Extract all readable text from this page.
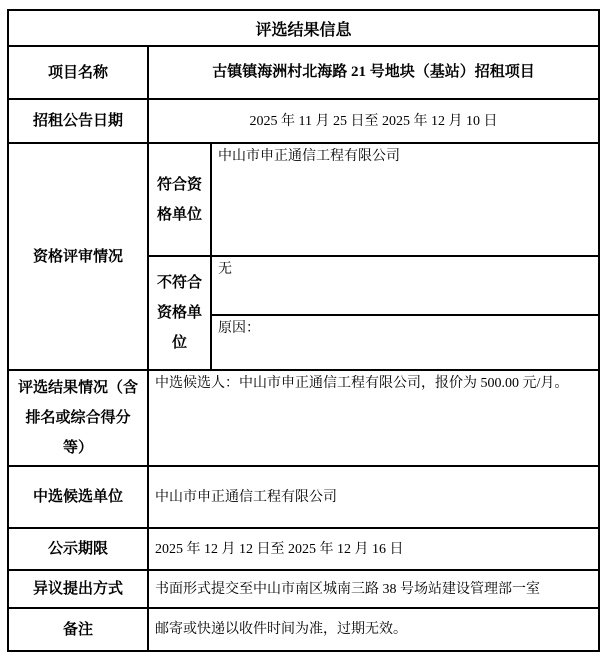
评选结果信息		
项目名称	古镇镇海洲村北海路 21 号地块（基站）招租项目	
招租公告日期	2025 年 11 月 25 日至 2025 年 12 月 10 日	
资格评审情况	符合资格单位	中山市申正通信工程有限公司
	不符合资格单位	无
		原因：
评选结果情况（含排名或综合得分等）	中选候选人：中山市申正通信工程有限公司，报价为 500.00 元/月。	
中选候选单位	中山市申正通信工程有限公司	
公示期限	2025 年 12 月 12 日至 2025 年 12 月 16 日	
异议提出方式	书面形式提交至中山市南区城南三路 38 号场站建设管理部一室	
备注	邮寄或快递以收件时间为准，过期无效。	
